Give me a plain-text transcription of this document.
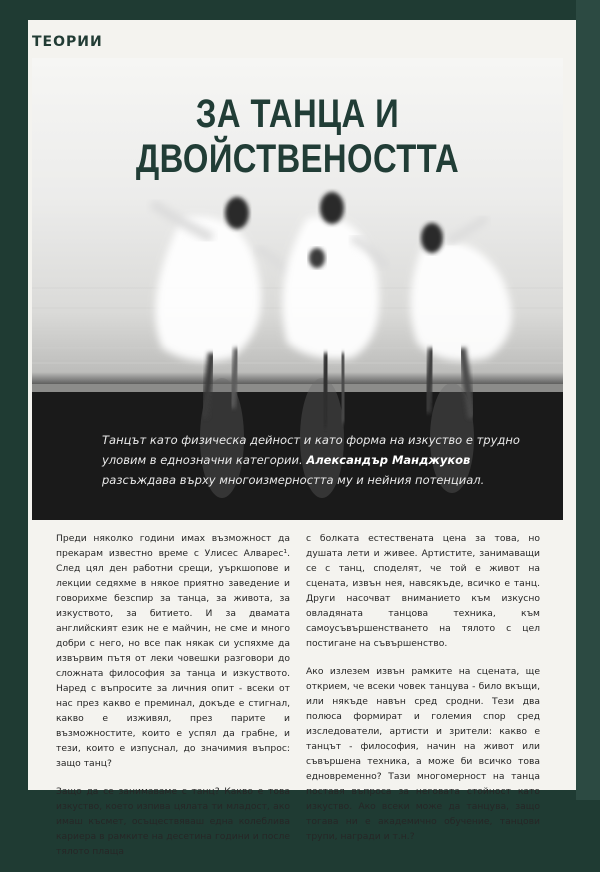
ТЕОРИИ
ЗА ТАНЦА И ДВОЙСТВЕНОСТТА
Танцът като физическа дейност и като форма на изкуство е трудно уловим в еднозначни категории. Александър Манджуков разсъждава върху многоизмерността му и нейния потенциал.

Преди няколко години имах възможност да прекарам известно време с Улисес Алварес¹. След цял ден работни срещи, уъркшопове и лекции седяхме в някое приятно заведение и говорихме безспир за танца, за живота, за изкуството, за битието. И за двамата английският език не е майчин, не сме и много добри с него, но все пак някак си успяхме да извървим пътя от леки човешки разговори до сложната философия за танца и изкуството. Наред с въпросите за личния опит - всеки от нас през какво е преминал, докъде е стигнал, какво е изживял, през парите и възможностите, които е успял да грабне, и тези, които е изпуснал, до значимия въпрос: защо танц?

Защо да се занимаваме с танц? Какво е това изкуство, което изпива цялата ти младост, ако имаш късмет, осъществяваш една колеблива кариера в рамките на десетина години и после тялото плаща

с болката естествената цена за това, но душата лети и живее. Артистите, занимаващи се с танц, споделят, че той е живот на сцената, извън нея, навсякъде, всичко е танц. Други насочват вниманието към изкусно овладяната танцова техника, към самоусъвършенстването на тялото с цел постигане на съвършенство.

Ако излезем извън рамките на сцената, ще открием, че всеки човек танцува - било вкъщи, или някъде навън сред сродни. Тези два полюса формират и големия спор сред изследователи, артисти и зрители: какво е танцът - философия, начин на живот или съвършена техника, а може би всичко това едновременно? Тази многомерност на танца поставя въпроса за неговата стойност като изкуство. Ако всеки може да танцува, защо тогава ни е академично обучение, танцови трупи, награди и т.н.?
